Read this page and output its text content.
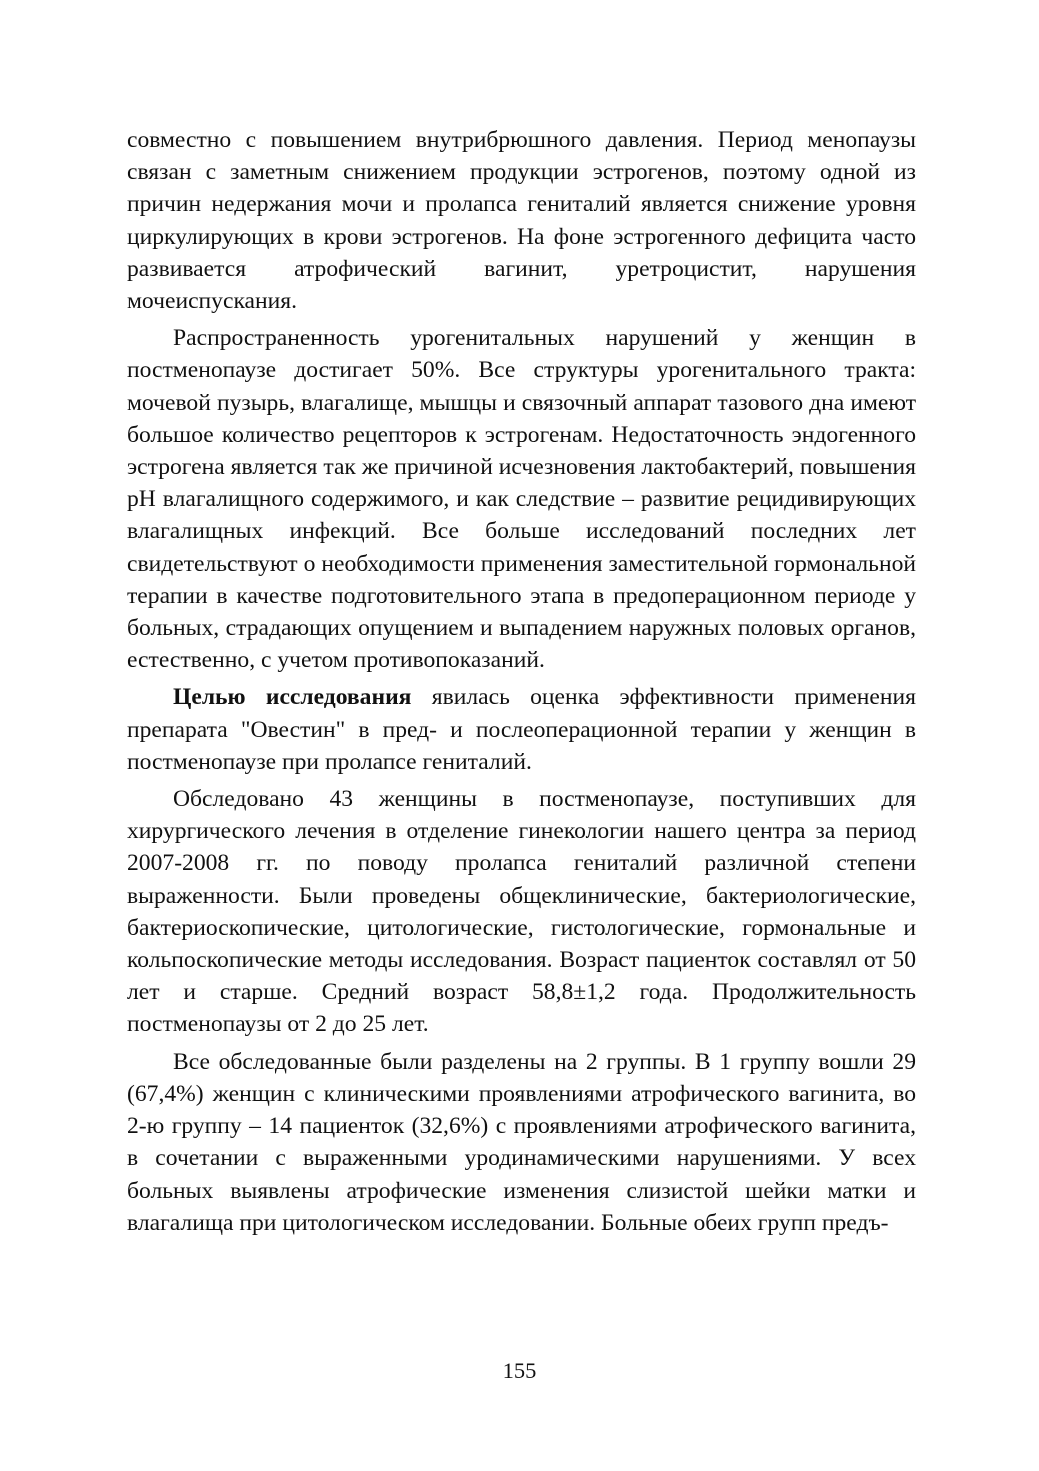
совместно с повышением внутрибрюшного давления. Период менопаузы связан с заметным снижением продукции эстрогенов, поэтому одной из причин недержания мочи и пролапса гениталий является снижение уровня циркулирующих в крови эстрогенов. На фоне эстрогенного дефицита часто развивается атрофический вагинит, уретроцистит, нарушения мочеиспускания.

Распространенность урогенитальных нарушений у женщин в постменопаузе достигает 50%. Все структуры урогенитального тракта: мочевой пузырь, влагалище, мышцы и связочный аппарат тазового дна имеют большое количество рецепторов к эстрогенам. Недостаточность эндогенного эстрогена является так же причиной исчезновения лактобактерий, повышения pH влагалищного содержимого, и как следствие – развитие рецидивирующих влагалищных инфекций. Все больше исследований последних лет свидетельствуют о необходимости применения заместительной гормональной терапии в качестве подготовительного этапа в предоперационном периоде у больных, страдающих опущением и выпадением наружных половых органов, естественно, с учетом противопоказаний.

Целью исследования явилась оценка эффективности применения препарата "Овестин" в пред- и послеоперационной терапии у женщин в постменопаузе при пролапсе гениталий.

Обследовано 43 женщины в постменопаузе, поступивших для хирургического лечения в отделение гинекологии нашего центра за период 2007-2008 гг. по поводу пролапса гениталий различной степени выраженности. Были проведены общеклинические, бактериологические, бактериоскопические, цитологические, гистологические, гормональные и кольпоскопические методы исследования. Возраст пациенток составлял от 50 лет и старше. Средний возраст 58,8±1,2 года. Продолжительность постменопаузы от 2 до 25 лет.

Все обследованные были разделены на 2 группы. В 1 группу вошли 29 (67,4%) женщин с клиническими проявлениями атрофического вагинита, во 2-ю группу – 14 пациенток (32,6%) с проявлениями атрофического вагинита, в сочетании с выраженными уродинамическими нарушениями. У всех больных выявлены атрофические изменения слизистой шейки матки и влагалища при цитологическом исследовании. Больные обеих групп предъ-

155
